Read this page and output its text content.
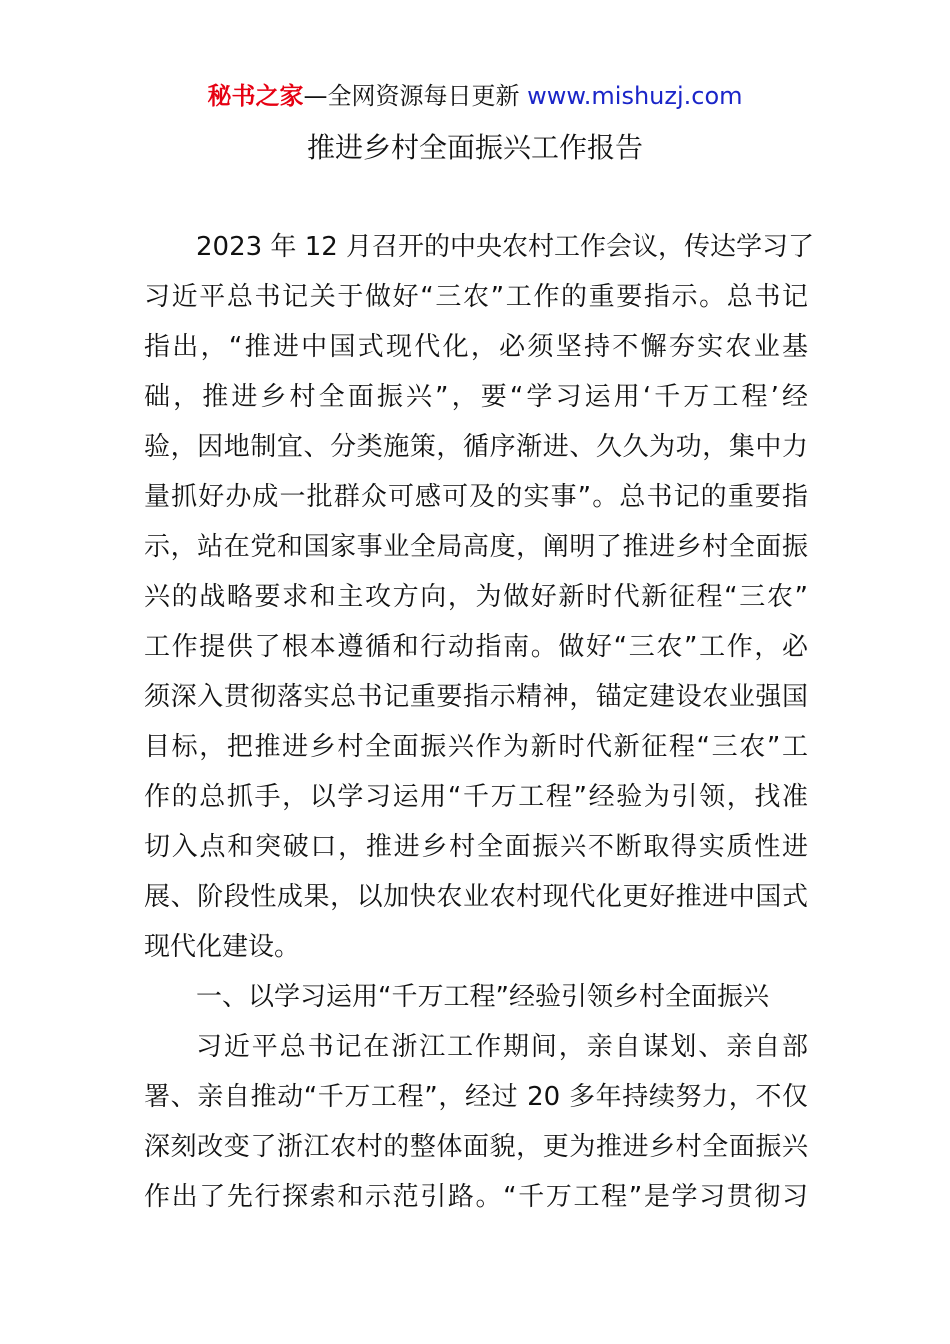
秘书之家—全网资源每日更新 www.mishuzj.com
推进乡村全面振兴工作报告
2023 年 12 月召开的中央农村工作会议，传达学习了
习近平总书记关于做好“三农”工作的重要指示。总书记
指出，“推进中国式现代化，必须坚持不懈夯实农业基
础，推进乡村全面振兴”，要“学习运用‘千万工程’经
验，因地制宜、分类施策，循序渐进、久久为功，集中力
量抓好办成一批群众可感可及的实事”。总书记的重要指
示，站在党和国家事业全局高度，阐明了推进乡村全面振
兴的战略要求和主攻方向，为做好新时代新征程“三农”
工作提供了根本遵循和行动指南。做好“三农”工作，必
须深入贯彻落实总书记重要指示精神，锚定建设农业强国
目标，把推进乡村全面振兴作为新时代新征程“三农”工
作的总抓手，以学习运用“千万工程”经验为引领，找准
切入点和突破口，推进乡村全面振兴不断取得实质性进
展、阶段性成果，以加快农业农村现代化更好推进中国式
现代化建设。
一、以学习运用“千万工程”经验引领乡村全面振兴
习近平总书记在浙江工作期间，亲自谋划、亲自部
署、亲自推动“千万工程”，经过 20 多年持续努力，不仅
深刻改变了浙江农村的整体面貌，更为推进乡村全面振兴
作出了先行探索和示范引路。“千万工程”是学习贯彻习
